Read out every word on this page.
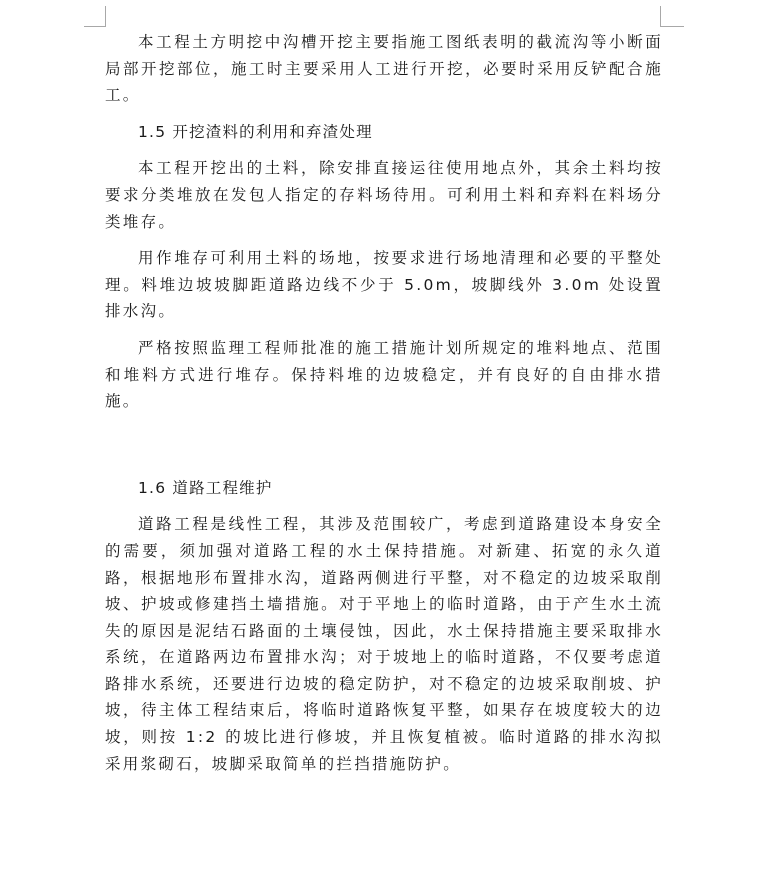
本工程土方明挖中沟槽开挖主要指施工图纸表明的截流沟等小断面局部开挖部位，施工时主要采用人工进行开挖，必要时采用反铲配合施工。

1.5 开挖渣料的利用和弃渣处理

本工程开挖出的土料，除安排直接运往使用地点外，其余土料均按要求分类堆放在发包人指定的存料场待用。可利用土料和弃料在料场分类堆存。

用作堆存可利用土料的场地，按要求进行场地清理和必要的平整处理。料堆边坡坡脚距道路边线不少于 5.0m，坡脚线外 3.0m 处设置排水沟。

严格按照监理工程师批准的施工措施计划所规定的堆料地点、范围和堆料方式进行堆存。保持料堆的边坡稳定，并有良好的自由排水措施。

1.6 道路工程维护

道路工程是线性工程，其涉及范围较广，考虑到道路建设本身安全的需要，须加强对道路工程的水土保持措施。对新建、拓宽的永久道路，根据地形布置排水沟，道路两侧进行平整，对不稳定的边坡采取削坡、护坡或修建挡土墙措施。对于平地上的临时道路，由于产生水土流失的原因是泥结石路面的土壤侵蚀，因此，水土保持措施主要采取排水系统，在道路两边布置排水沟；对于坡地上的临时道路，不仅要考虑道路排水系统，还要进行边坡的稳定防护，对不稳定的边坡采取削坡、护坡，待主体工程结束后，将临时道路恢复平整，如果存在坡度较大的边坡，则按 1:2 的坡比进行修坡，并且恢复植被。临时道路的排水沟拟采用浆砌石，坡脚采取简单的拦挡措施防护。
